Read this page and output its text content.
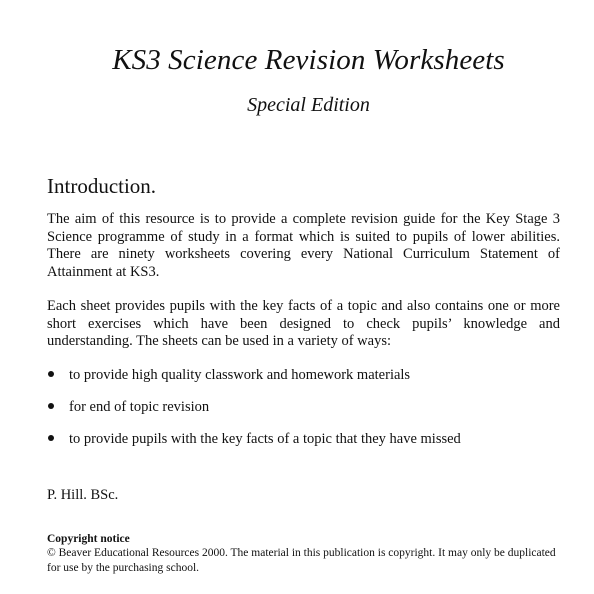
KS3 Science Revision Worksheets
Special Edition
Introduction.

The aim of this resource is to provide a complete revision guide for the Key Stage 3 Science programme of study in a format which is suited to pupils of lower abilities. There are ninety worksheets covering every National Curriculum Statement of Attainment at KS3.

Each sheet provides pupils with the key facts of a topic and also contains one or more short exercises which have been designed to check pupils’ knowledge and understanding. The sheets can be used in a variety of ways:

to provide high quality classwork and homework materials
for end of topic revision
to provide pupils with the key facts of a topic that they have missed
P. Hill. BSc.
Copyright notice

© Beaver Educational Resources 2000. The material in this publication is copyright. It may only be duplicated for use by the purchasing school.
